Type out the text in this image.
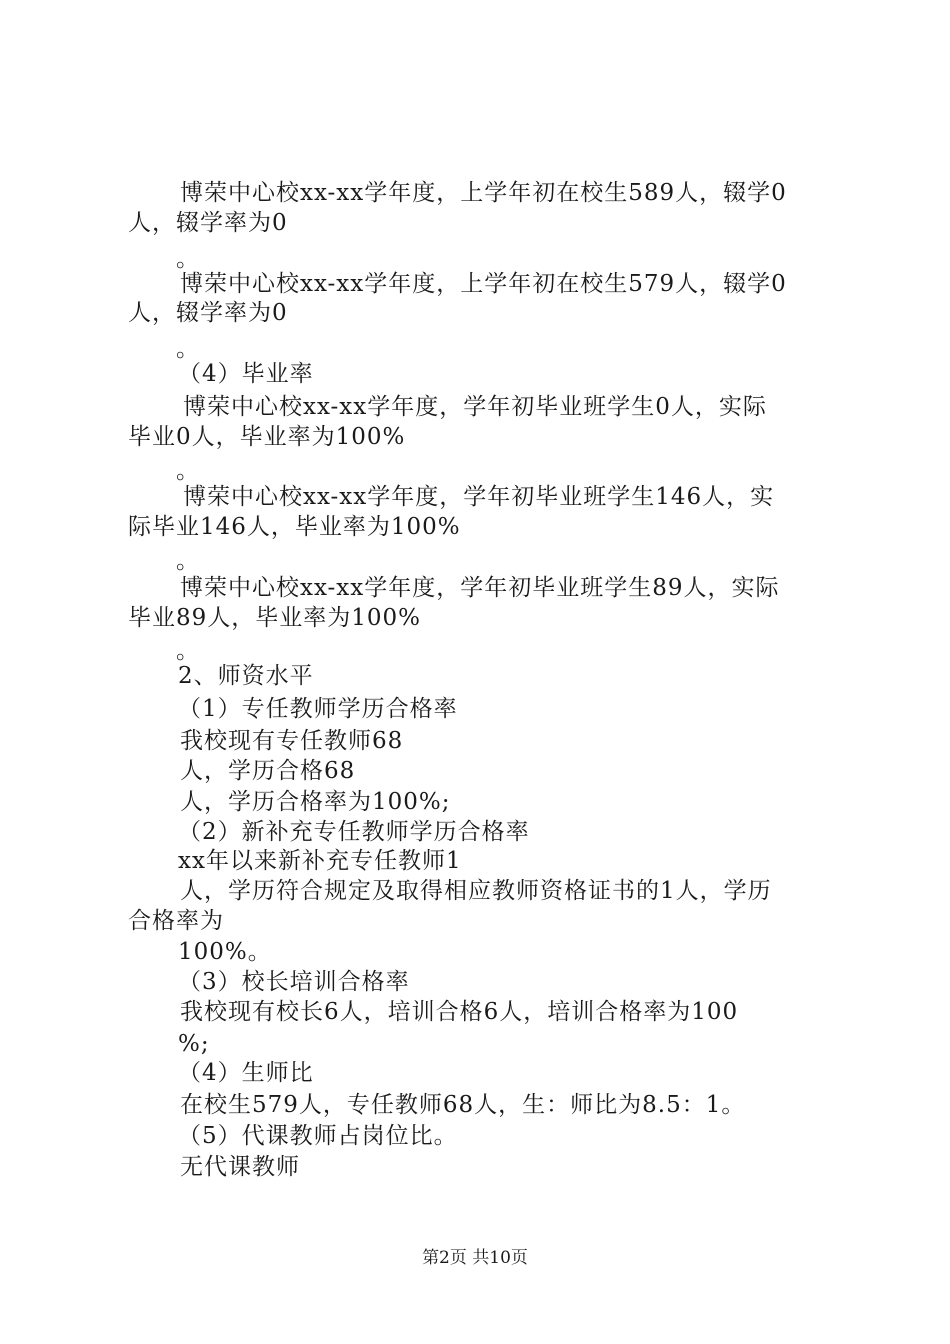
博荣中心校xx-xx学年度，上学年初在校生589人，辍学0
人，辍学率为0
。
博荣中心校xx-xx学年度，上学年初在校生579人，辍学0
人，辍学率为0
。
（4）毕业率
博荣中心校xx-xx学年度，学年初毕业班学生0人，实际
毕业0人，毕业率为100%
。
博荣中心校xx-xx学年度，学年初毕业班学生146人，实
际毕业146人，毕业率为100%
。
博荣中心校xx-xx学年度，学年初毕业班学生89人，实际
毕业89人，毕业率为100%
。
2、师资水平
（1）专任教师学历合格率
我校现有专任教师68
人，学历合格68
人，学历合格率为100%;
（2）新补充专任教师学历合格率
xx年以来新补充专任教师1
人，学历符合规定及取得相应教师资格证书的1人，学历
合格率为
100%。
（3）校长培训合格率
我校现有校长6人，培训合格6人，培训合格率为100
%;
（4）生师比
在校生579人，专任教师68人，生：师比为8.5：1。
（5）代课教师占岗位比。
无代课教师
第2页 共10页
